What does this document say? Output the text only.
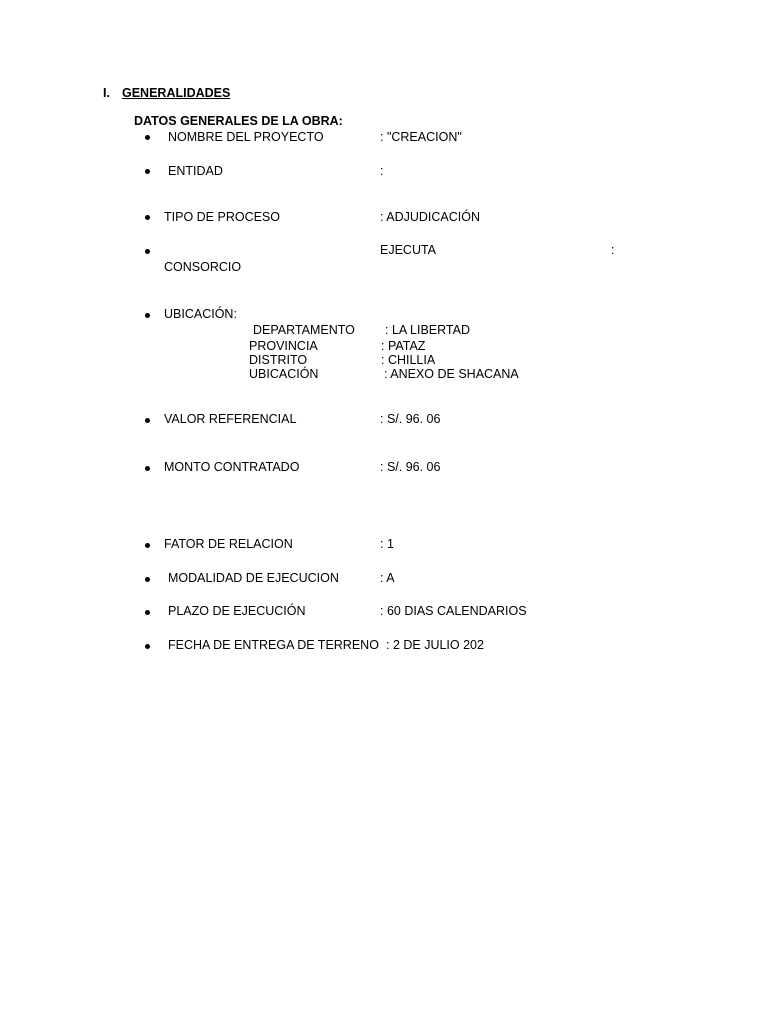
I. GENERALIDADES
DATOS GENERALES DE LA OBRA:
NOMBRE DEL PROYECTO	: "CREACION"
ENTIDAD	:
TIPO DE PROCESO	: ADJUDICACIÓN
EJECUTA	:
CONSORCIO
UBICACIÓN:
DEPARTAMENTO : LA LIBERTAD
PROVINCIA	: PATAZ
DISTRITO	: CHILLIA
UBICACIÓN	: ANEXO DE SHACANA
VALOR REFERENCIAL	: S/. 96. 06
MONTO CONTRATADO	: S/. 96. 06
FATOR DE RELACION	: 1
MODALIDAD DE EJECUCION	: A
PLAZO DE EJECUCIÓN	: 60 DIAS CALENDARIOS
FECHA DE ENTREGA DE TERRENO : 2 DE JULIO 202
